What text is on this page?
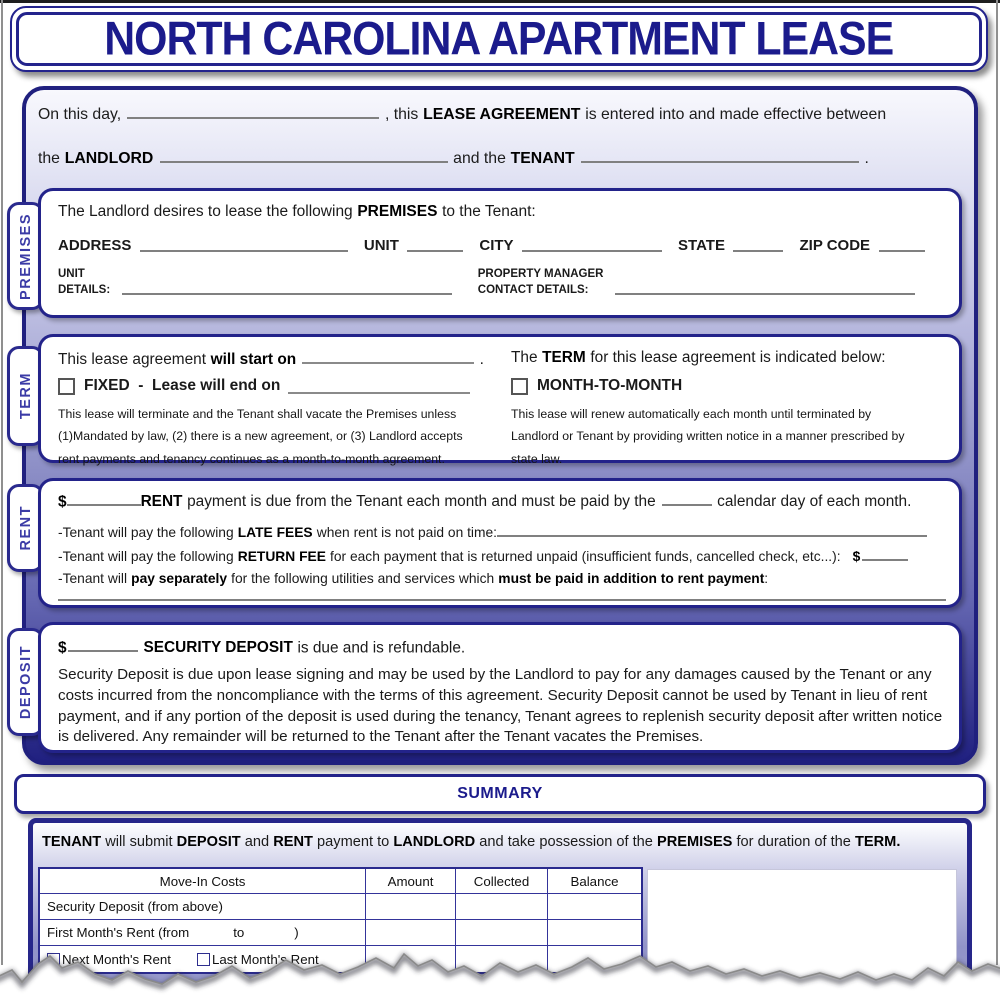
NORTH CAROLINA APARTMENT LEASE
On this day,	, this LEASE AGREEMENT is entered into and made effective between
the LANDLORD	and the TENANT	.
PREMISES
TERM
RENT
DEPOSIT
The Landlord desires to lease the following PREMISES to the Tenant:
ADDRESS	UNIT	CITY	STATE	ZIP CODE
UNIT
DETAILS:
PROPERTY MANAGER
CONTACT DETAILS:
This lease agreement will start on	. The TERM for this lease agreement is indicated below:
FIXED  -  Lease will end on
This lease will terminate and the Tenant shall vacate the Premises unless
(1)Mandated by law, (2) there is a new agreement, or (3) Landlord accepts
rent payments and tenancy continues as a month-to-month agreement.
MONTH-TO-MONTH
This lease will renew automatically each month until terminated by
Landlord or Tenant by providing written notice in a manner prescribed by
state law.
$	RENT payment is due from the Tenant each month and must be paid by the	calendar day of each month.
-Tenant will pay the following LATE FEES when rent is not paid on time:
-Tenant will pay the following RETURN FEE for each payment that is returned unpaid (insufficient funds, cancelled check, etc...): $
-Tenant will pay separately for the following utilities and services which must be paid in addition to rent payment:
$	SECURITY DEPOSIT is due and is refundable.
Security Deposit is due upon lease signing and may be used by the Landlord to pay for any damages caused by the Tenant or any costs incurred from the noncompliance with the terms of this agreement. Security Deposit cannot be used by Tenant in lieu of rent payment, and if any portion of the deposit is used during the tenancy, Tenant agrees to replenish security deposit after written notice is delivered. Any remainder will be returned to the Tenant after the Tenant vacates the Premises.
SUMMARY
TENANT will submit DEPOSIT and RENT payment to LANDLORD and take possession of the PREMISES for duration of the TERM.
Move-In Costs	Amount	Collected	Balance
Security Deposit (from above)
First Month's Rent (from	to	)
Next Month's Rent	Last Month's Rent
